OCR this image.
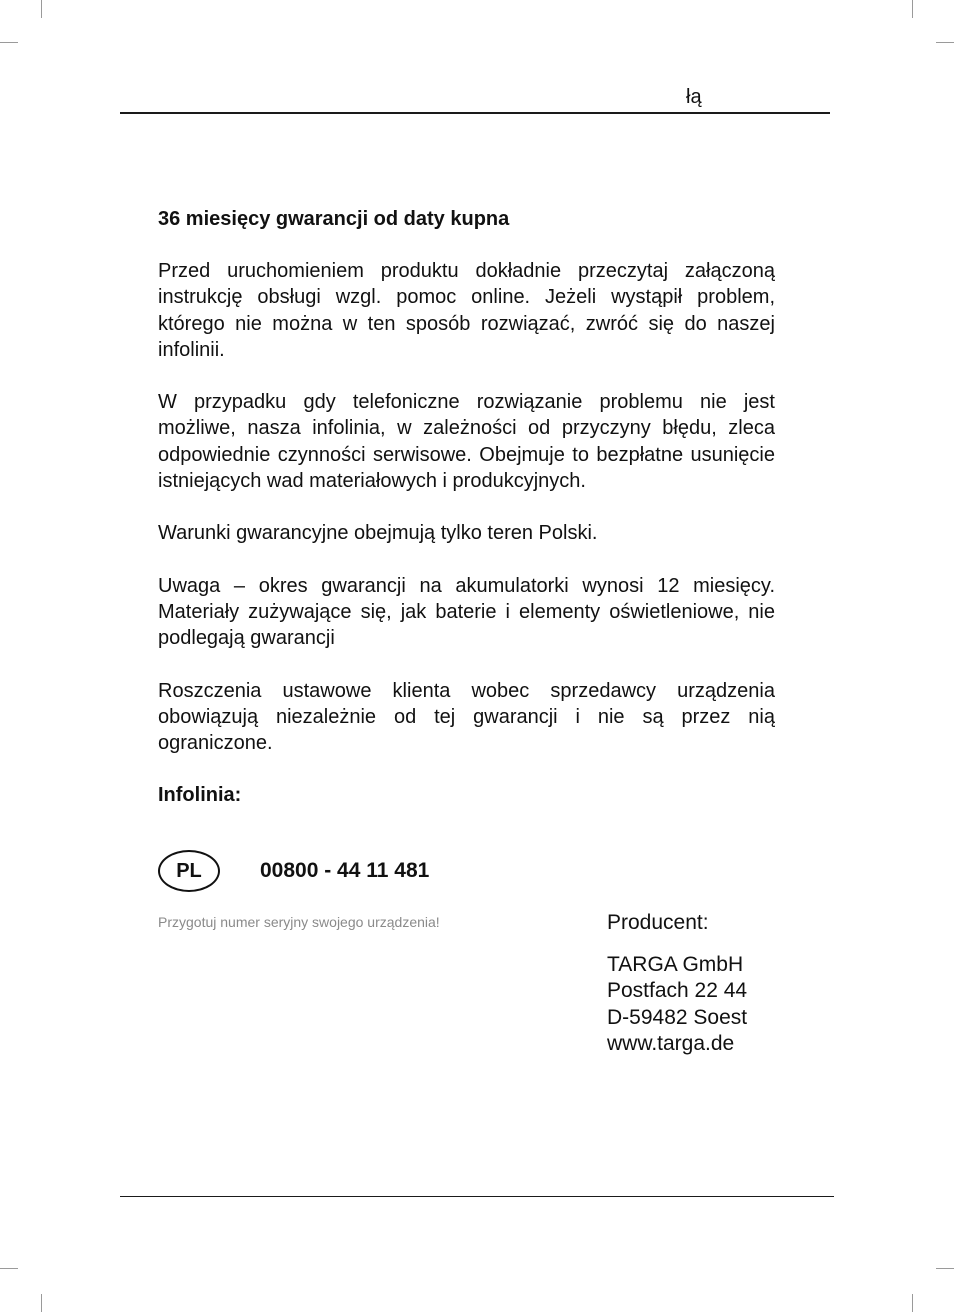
łą

36 miesięcy gwarancji od daty kupna

Przed uruchomieniem produktu dokładnie przeczytaj załączoną instrukcję obsługi wzgl. pomoc online. Jeżeli wystąpił problem, którego nie można w ten sposób rozwiązać, zwróć się do naszej infolinii.

W przypadku gdy telefoniczne rozwiązanie problemu nie jest możliwe, nasza infolinia, w zależności od przyczyny błędu, zleca odpowiednie czynności serwisowe. Obejmuje to bezpłatne usunięcie istniejących wad materiałowych i produkcyjnych.

Warunki gwarancyjne obejmują tylko teren Polski.

Uwaga – okres gwarancji na akumulatorki wynosi 12 miesięcy. Materiały zużywające się, jak baterie i elementy oświetleniowe, nie podlegają gwarancji

Roszczenia ustawowe klienta wobec sprzedawcy urządzenia obowiązują niezależnie od tej gwarancji i nie są przez nią ograniczone.

Infolinia:

PL	00800 - 44 11 481
Przygotuj numer seryjny swojego urządzenia!	Producent:
TARGA GmbH
Postfach 22 44
D-59482 Soest
www.targa.de
